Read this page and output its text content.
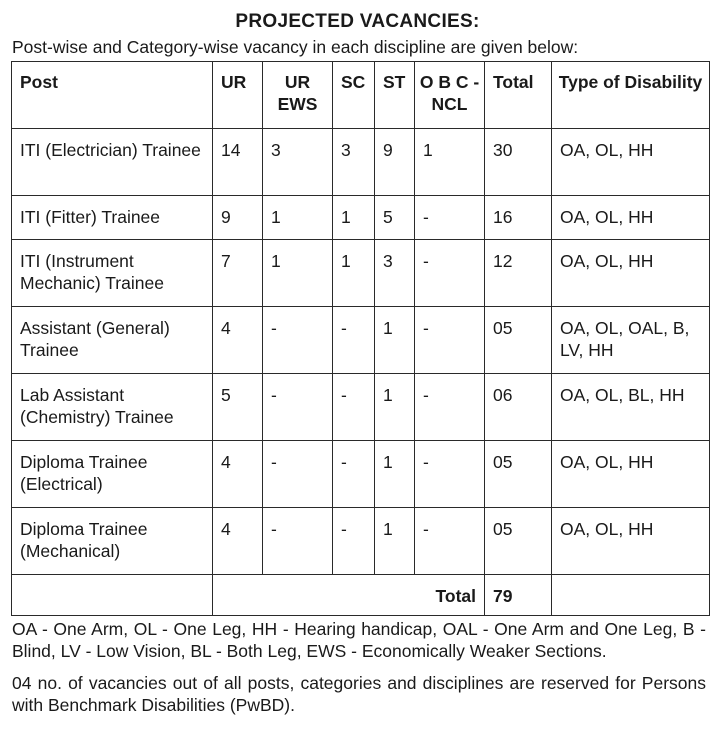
PROJECTED VACANCIES:
Post-wise and Category-wise vacancy in each discipline are given below:
Post	UR	UR EWS	SC	ST	O B C -NCL	Total	Type of Disability
ITI (Electrician) Trainee	14	3	3	9	1	30	OA, OL, HH
ITI (Fitter) Trainee	9	1	1	5	-	16	OA, OL, HH
ITI (Instrument Mechanic) Trainee	7	1	1	3	-	12	OA, OL, HH
Assistant (General) Trainee	4	-	-	1	-	05	OA, OL, OAL, B, LV, HH
Lab Assistant (Chemistry) Trainee	5	-	-	1	-	06	OA, OL, BL, HH
Diploma Trainee (Electrical)	4	-	-	1	-	05	OA, OL, HH
Diploma Trainee (Mechanical)	4	-	-	1	-	05	OA, OL, HH
	Total					79	

OA - One Arm, OL - One Leg, HH - Hearing handicap, OAL - One Arm and One Leg, B - Blind, LV - Low Vision, BL - Both Leg, EWS - Economically Weaker Sections.

04 no. of vacancies out of all posts, categories and disciplines are reserved for Persons with Benchmark Disabilities (PwBD).
